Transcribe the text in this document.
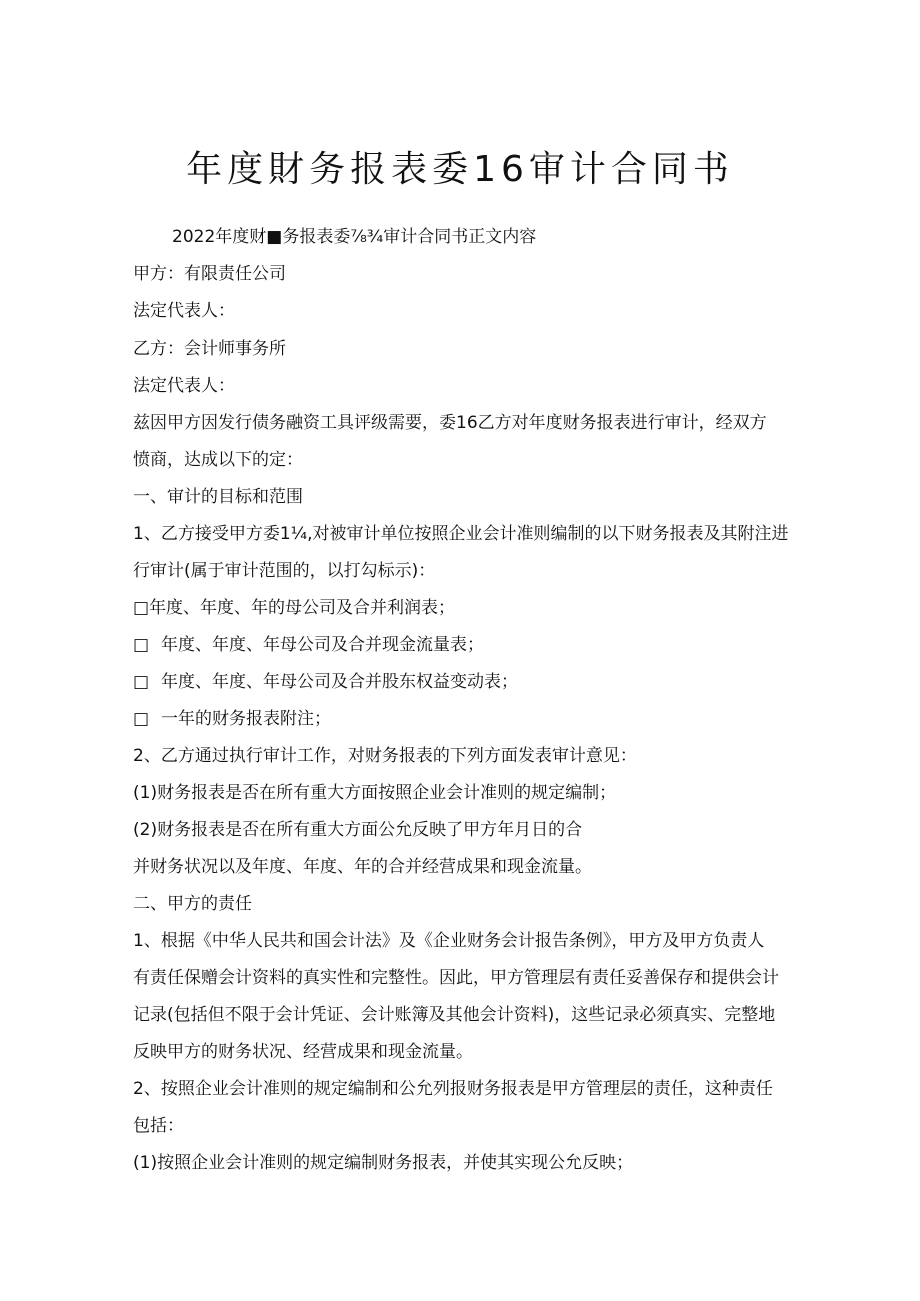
年度財务报表委16审计合同书
2022年度财■务报表委⅞¾审计合同书正文内容
甲方：有限责任公司
法定代表人：
乙方：会计师事务所
法定代表人：
兹因甲方因发行债务融资工具评级需要，委16乙方对年度财务报表进行审计，经双方
愤商，达成以下的定：
一、审计的目标和范围
1、乙方接受甲方委1¼,对被审计单位按照企业会计准则编制的以下财务报表及其附注进
行审计(属于审计范围的，以打勾标示)：
□年度、年度、年的母公司及合并利润表；
□ 年度、年度、年母公司及合并现金流量表；
□ 年度、年度、年母公司及合并股东权益变动表；
□ 一年的财务报表附注；
2、乙方通过执行审计工作，对财务报表的下列方面发表审计意见：
(1)财务报表是否在所有重大方面按照企业会计准则的规定编制；
(2)财务报表是否在所有重大方面公允反映了甲方年月日的合
并财务状况以及年度、年度、年的合并经营成果和现金流量。
二、甲方的责任
1、根据《中华人民共和国会计法》及《企业财务会计报告条例》，甲方及甲方负责人
有责任保赠会计资料的真实性和完整性。因此，甲方管理层有责任妥善保存和提供会计
记录(包括但不限于会计凭证、会计账簿及其他会计资料)，这些记录必须真实、完整地
反映甲方的财务状况、经营成果和现金流量。
2、按照企业会计准则的规定编制和公允列报财务报表是甲方管理层的责任，这种责任
包括：
(1)按照企业会计准则的规定编制财务报表，并使其实现公允反映；
